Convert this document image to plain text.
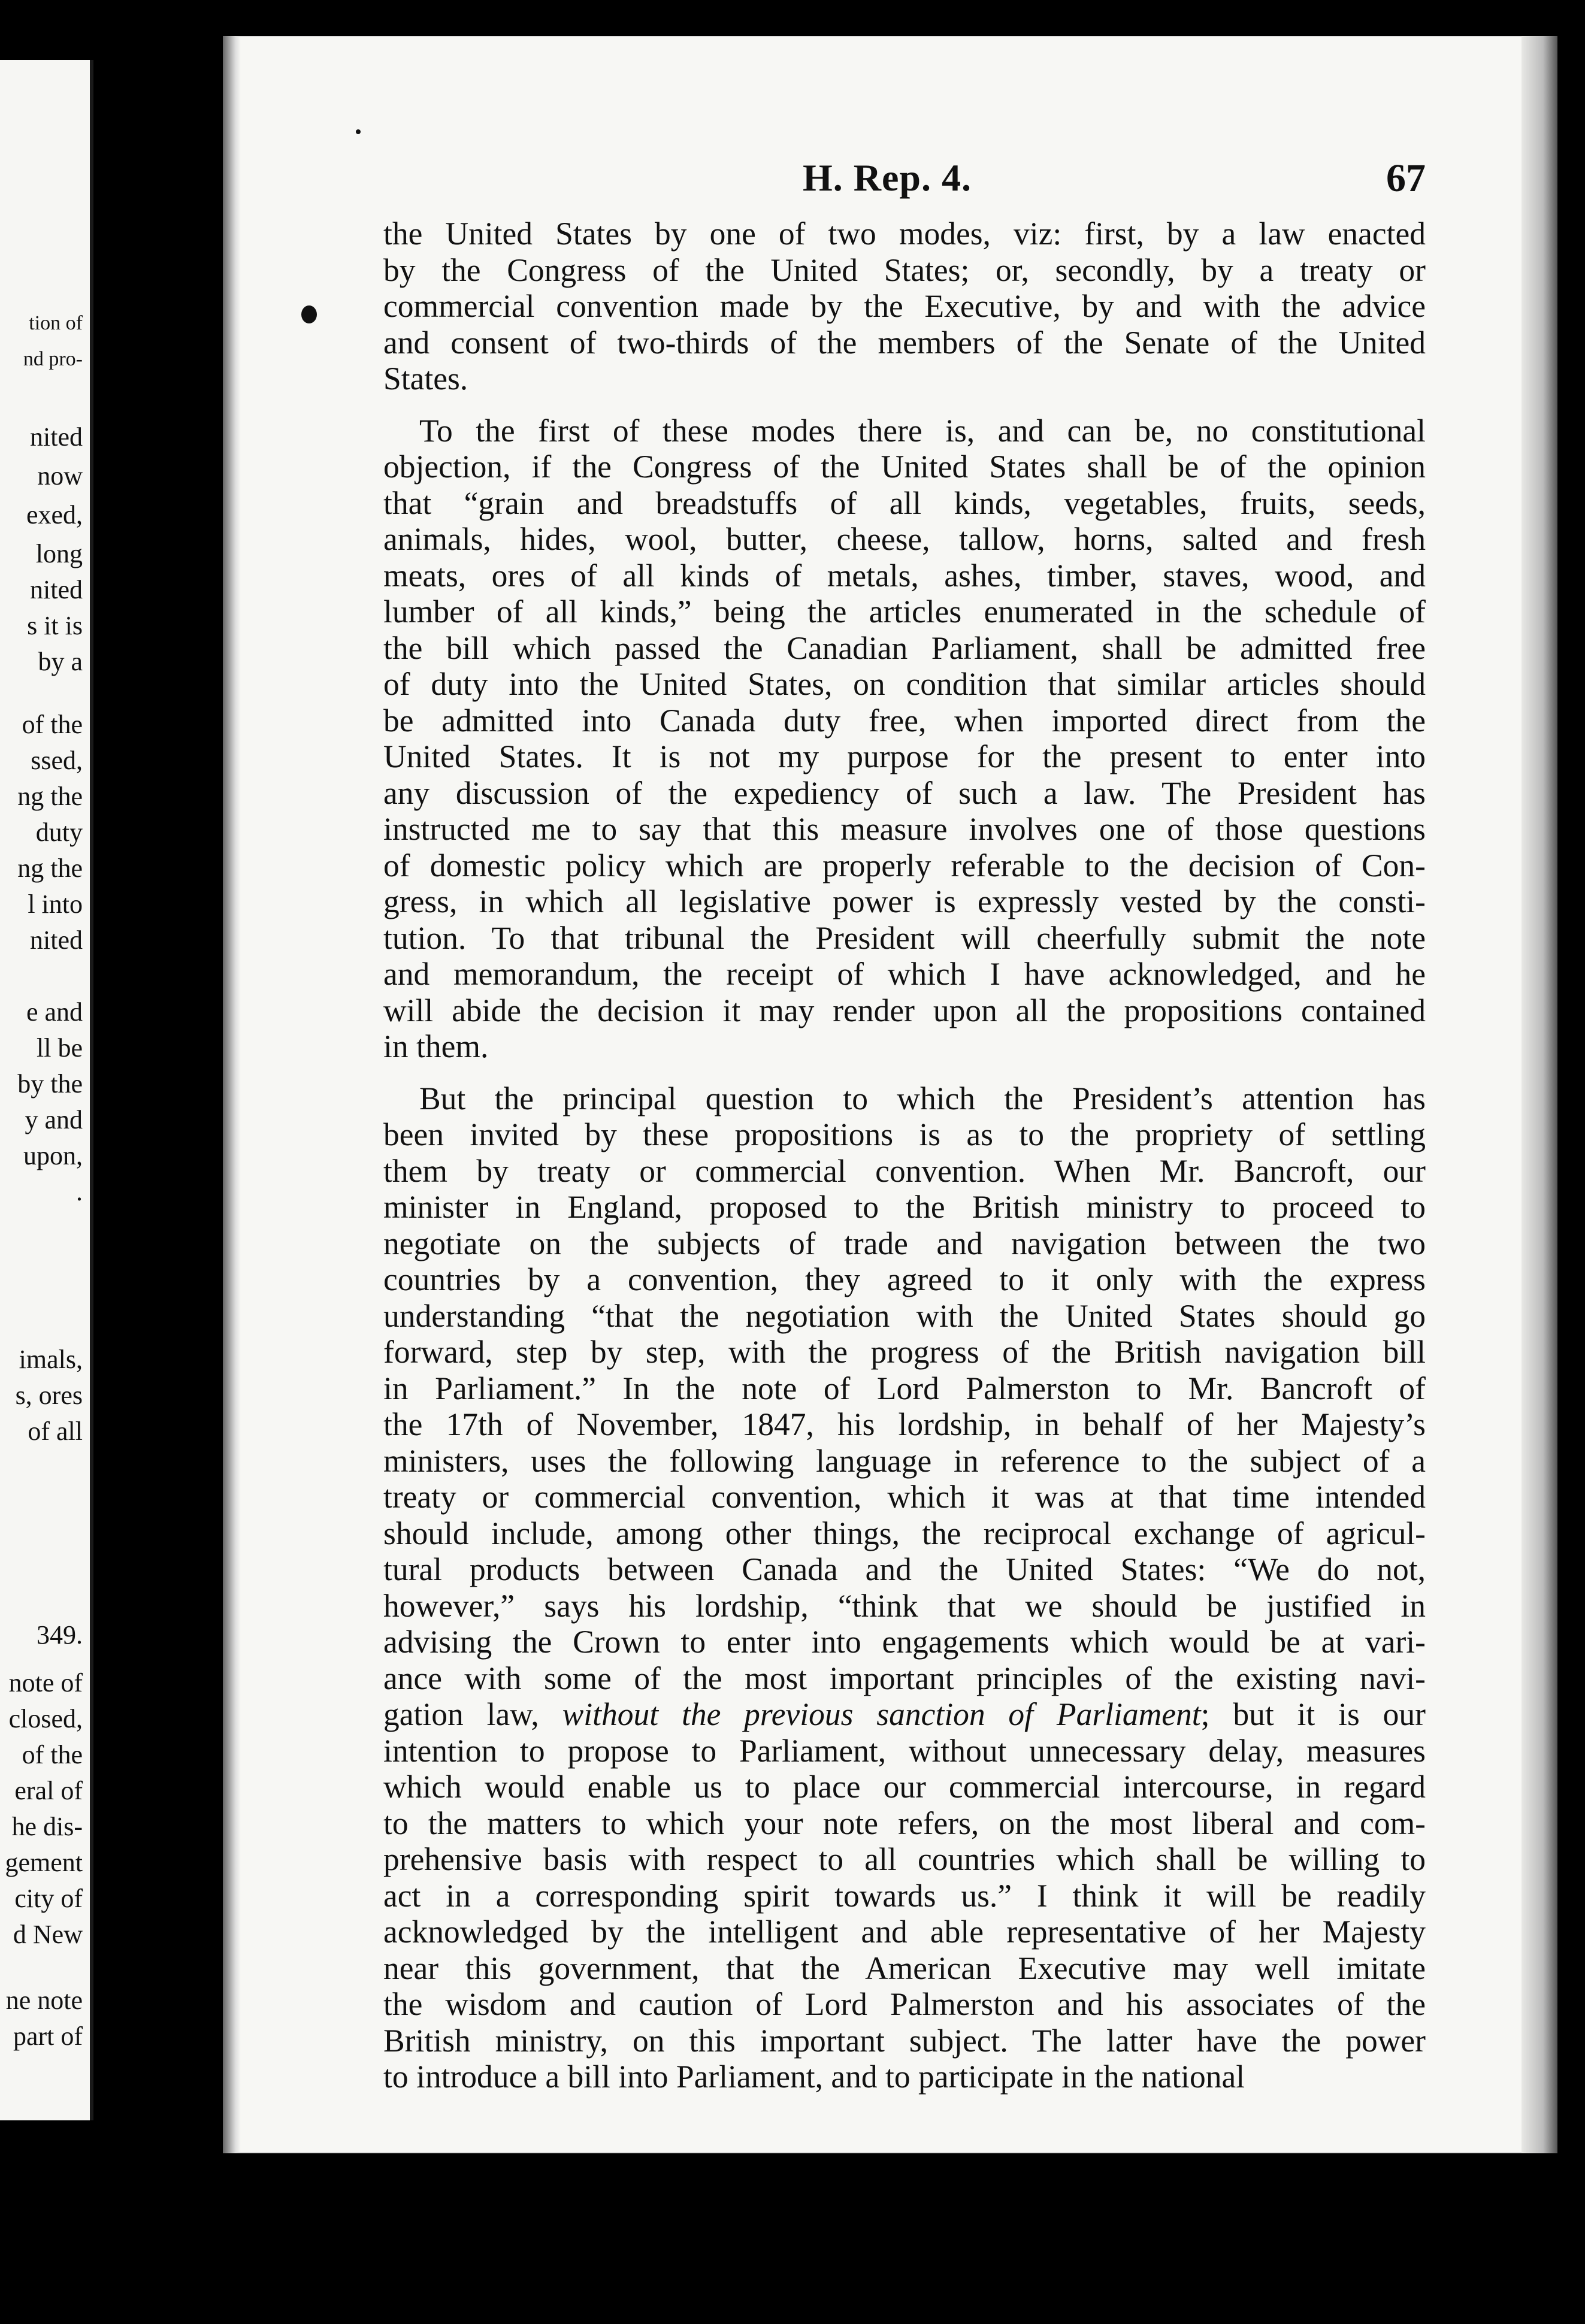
tion of
nd pro-
nited
now
exed,
long
nited
s it is
by a
of the
ssed,
ng the
duty
ng the
l into
nited
e and
ll be
by the
y and
upon,
.
imals,
s, ores
of all
349.
note of
closed,
of the
eral of
he dis-
gement
city of
d New
ne note
part of
H. Rep. 4.	67

the United States by one of two modes, viz: first, by a law enacted
by the Congress of the United States; or, secondly, by a treaty or
commercial convention made by the Executive, by and with the advice
and consent of two-thirds of the members of the Senate of the United
States.

To the first of these modes there is, and can be, no constitutional
objection, if the Congress of the United States shall be of the opinion
that “grain and breadstuffs of all kinds, vegetables, fruits, seeds,
animals, hides, wool, butter, cheese, tallow, horns, salted and fresh
meats, ores of all kinds of metals, ashes, timber, staves, wood, and
lumber of all kinds,” being the articles enumerated in the schedule of
the bill which passed the Canadian Parliament, shall be admitted free
of duty into the United States, on condition that similar articles should
be admitted into Canada duty free, when imported direct from the
United States. It is not my purpose for the present to enter into
any discussion of the expediency of such a law. The President has
instructed me to say that this measure involves one of those questions
of domestic policy which are properly referable to the decision of Con-
gress, in which all legislative power is expressly vested by the consti-
tution. To that tribunal the President will cheerfully submit the note
and memorandum, the receipt of which I have acknowledged, and he
will abide the decision it may render upon all the propositions contained
in them.

But the principal question to which the President’s attention has
been invited by these propositions is as to the propriety of settling
them by treaty or commercial convention. When Mr. Bancroft, our
minister in England, proposed to the British ministry to proceed to
negotiate on the subjects of trade and navigation between the two
countries by a convention, they agreed to it only with the express
understanding “that the negotiation with the United States should go
forward, step by step, with the progress of the British navigation bill
in Parliament.” In the note of Lord Palmerston to Mr. Bancroft of
the 17th of November, 1847, his lordship, in behalf of her Majesty’s
ministers, uses the following language in reference to the subject of a
treaty or commercial convention, which it was at that time intended
should include, among other things, the reciprocal exchange of agricul-
tural products between Canada and the United States: “We do not,
however,” says his lordship, “think that we should be justified in
advising the Crown to enter into engagements which would be at vari-
ance with some of the most important principles of the existing navi-
gation law, without the previous sanction of Parliament; but it is our
intention to propose to Parliament, without unnecessary delay, measures
which would enable us to place our commercial intercourse, in regard
to the matters to which your note refers, on the most liberal and com-
prehensive basis with respect to all countries which shall be willing to
act in a corresponding spirit towards us.” I think it will be readily
acknowledged by the intelligent and able representative of her Majesty
near this government, that the American Executive may well imitate
the wisdom and caution of Lord Palmerston and his associates of the
British ministry, on this important subject. The latter have the power
to introduce a bill into Parliament, and to participate in the national
